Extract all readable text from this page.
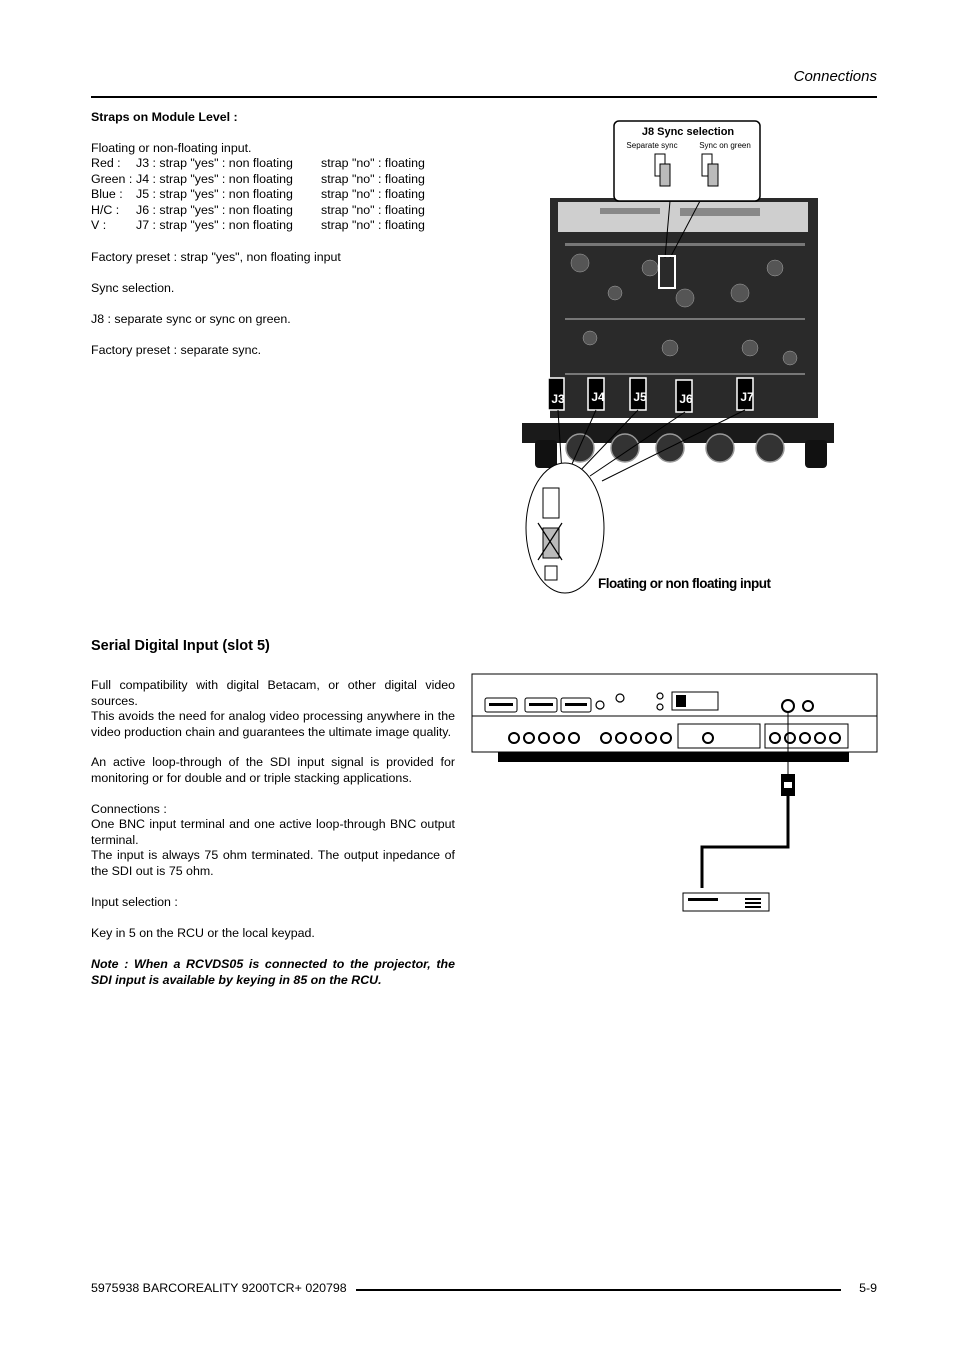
Connections
Straps on Module Level :
Floating or non-floating input.
Red :	J3 : strap "yes" : non floating	strap "no" : floating
Green :	J4 : strap "yes" : non floating	strap "no" : floating
Blue :	J5 : strap "yes" : non floating	strap "no" : floating
H/C :	J6 : strap "yes" : non floating	strap "no" : floating
V :	J7 : strap "yes" : non floating	strap "no" : floating
Factory preset : strap "yes", non floating input
Sync selection.
J8 : separate sync or sync on green.
Factory preset : separate sync.
J8 Sync selection
Separate sync	Sync on green
J3 J4 J5	J6	J7
Floating or non floating input
Serial Digital Input (slot 5)
Full compatibility with digital Betacam, or other digital video sources.
This avoids the need for analog video processing anywhere in the video production chain and guarantees the ultimate image quality.
An active loop-through of the SDI input signal is provided for monitoring or for double and or triple stacking applications.
Connections :
One BNC input terminal and one active loop-through BNC output terminal.
The input is always 75 ohm terminated. The output inpedance of the SDI out is 75 ohm.
Input selection :
Key in 5 on the RCU or the local keypad.
Note : When a RCVDS05 is connected to the projector, the SDI input is available by keying in 85 on the RCU.
5975938 BARCOREALITY 9200TCR+ 020798	5-9
